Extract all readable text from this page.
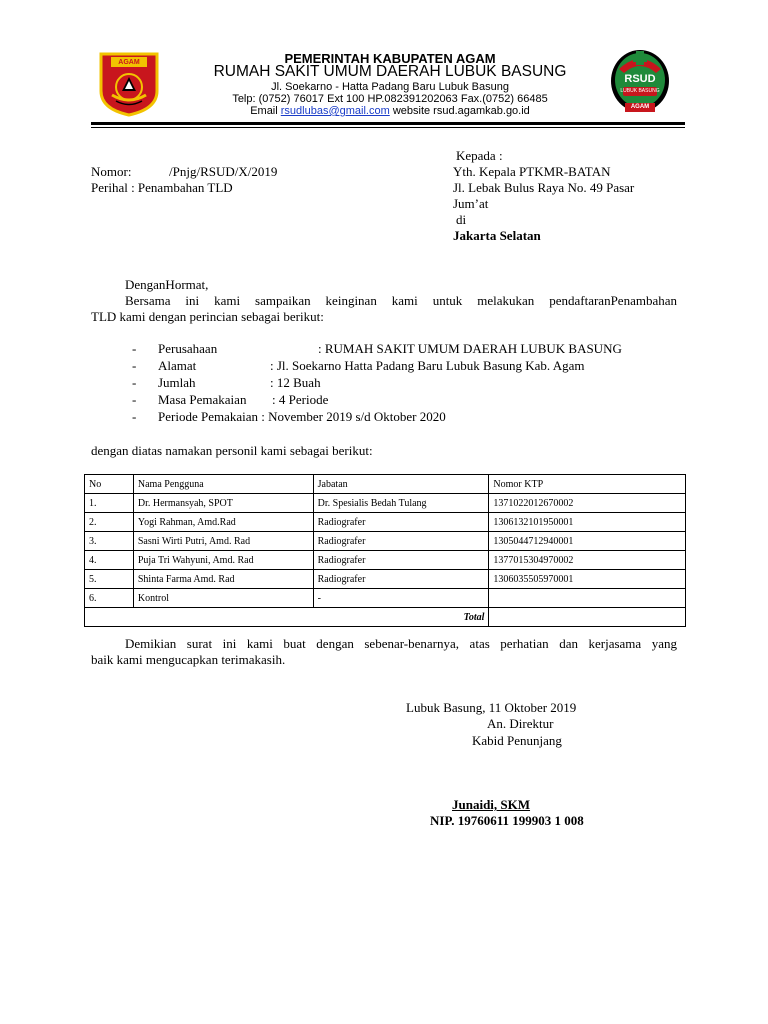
AGAM
RSUD
LUBUK BASUNG
AGAM
PEMERINTAH KABUPATEN AGAM
RUMAH SAKIT UMUM DAERAH LUBUK BASUNG
Jl. Soekarno - Hatta Padang Baru Lubuk Basung
Telp: (0752) 76017 Ext 100 HP.082391202063 Fax.(0752) 66485
Email rsudlubas@gmail.com website rsud.agamkab.go.id
Nomor:	/Pnjg/RSUD/X/2019
Perihal : Penambahan TLD
Kepada :
Yth. Kepala PTKMR-BATAN
Jl. Lebak Bulus Raya No. 49 Pasar
Jum’at
di
Jakarta Selatan
DenganHormat,
Bersama ini kami sampaikan keinginan kami untuk melakukan pendaftaranPenambahan
TLD kami dengan perincian sebagai berikut:
- Perusahaan	: RUMAH SAKIT UMUM DAERAH LUBUK BASUNG
- Alamat	: Jl. Soekarno Hatta Padang Baru Lubuk Basung Kab. Agam
- Jumlah	: 12 Buah
- Masa Pemakaian : 4 Periode
- Periode Pemakaian : November 2019 s/d Oktober 2020
dengan diatas namakan personil kami sebagai berikut:
No	Nama Pengguna	Jabatan	Nomor KTP
1.	Dr. Hermansyah, SPOT	Dr. Spesialis Bedah Tulang	1371022012670002
2.	Yogi Rahman, Amd.Rad	Radiografer	1306132101950001
3.	Sasni Wirti Putri, Amd. Rad	Radiografer	1305044712940001
4.	Puja Tri Wahyuni, Amd. Rad	Radiografer	1377015304970002
5.	Shinta Farma Amd. Rad	Radiografer	1306035505970001
6.	Kontrol	-	
Total			
Demikian surat ini kami buat dengan sebenar-benarnya, atas perhatian dan kerjasama yang
baik kami mengucapkan terimakasih.
Lubuk Basung, 11 Oktober 2019
An. Direktur
Kabid Penunjang
Junaidi, SKM
NIP. 19760611 199903 1 008
